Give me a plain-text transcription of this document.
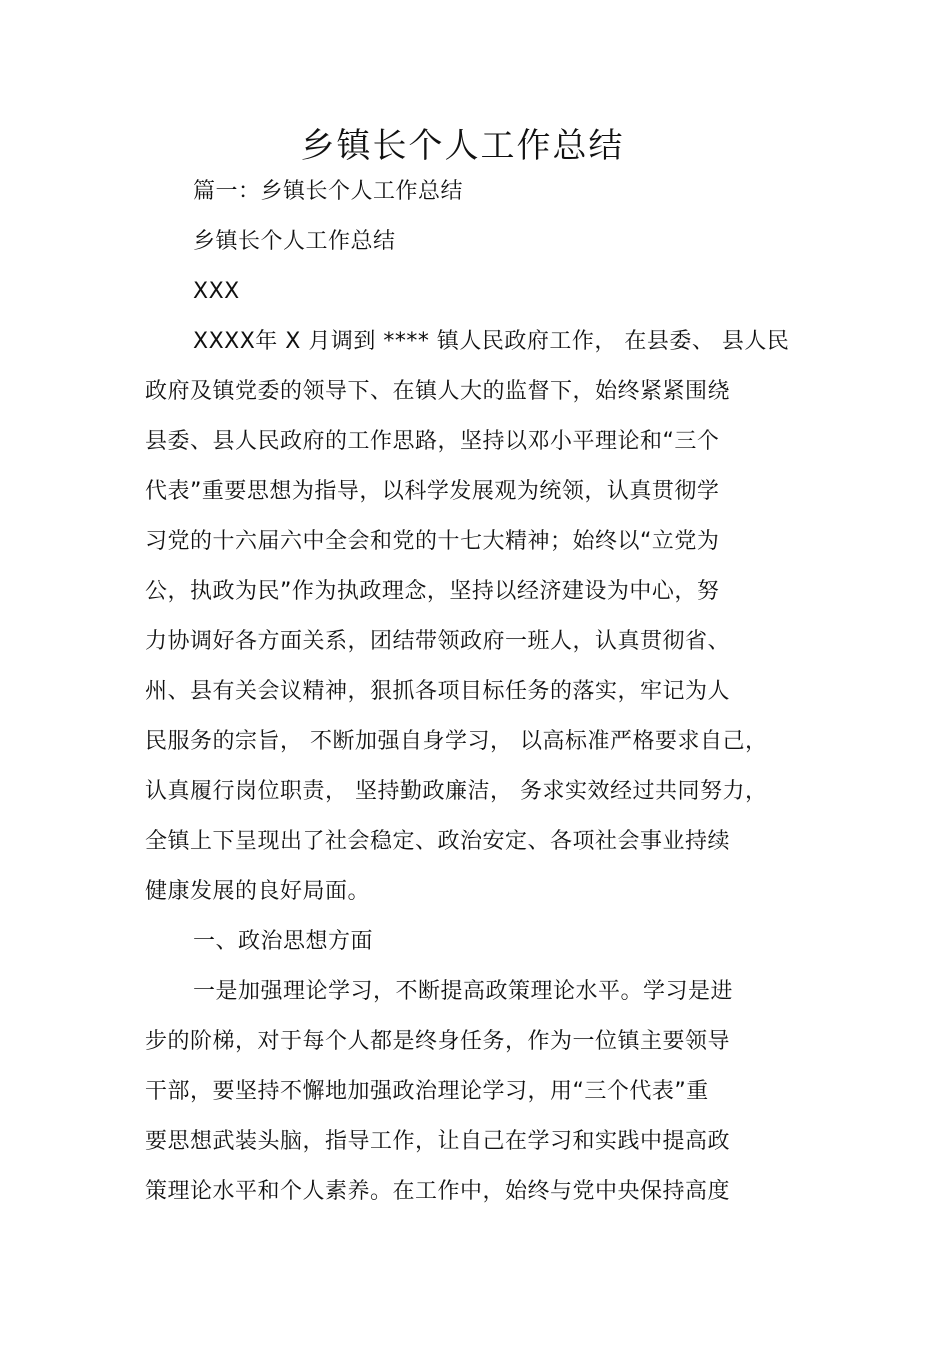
乡镇长个人工作总结
篇一：乡镇长个人工作总结
乡镇长个人工作总结
XXX
XXXX年 X 月调到 **** 镇人民政府工作， 在县委、 县人民
政府及镇党委的领导下、在镇人大的监督下，始终紧紧围绕
县委、县人民政府的工作思路，坚持以邓小平理论和“三个
代表”重要思想为指导，以科学发展观为统领，认真贯彻学
习党的十六届六中全会和党的十七大精神；始终以“立党为
公，执政为民”作为执政理念，坚持以经济建设为中心，努
力协调好各方面关系，团结带领政府一班人，认真贯彻省、
州、县有关会议精神，狠抓各项目标任务的落实，牢记为人
民服务的宗旨， 不断加强自身学习， 以高标准严格要求自己，
认真履行岗位职责， 坚持勤政廉洁， 务求实效经过共同努力，
全镇上下呈现出了社会稳定、政治安定、各项社会事业持续
健康发展的良好局面。
一、政治思想方面
一是加强理论学习，不断提高政策理论水平。学习是进
步的阶梯，对于每个人都是终身任务，作为一位镇主要领导
干部，要坚持不懈地加强政治理论学习，用“三个代表”重
要思想武装头脑，指导工作，让自己在学习和实践中提高政
策理论水平和个人素养。在工作中，始终与党中央保持高度
